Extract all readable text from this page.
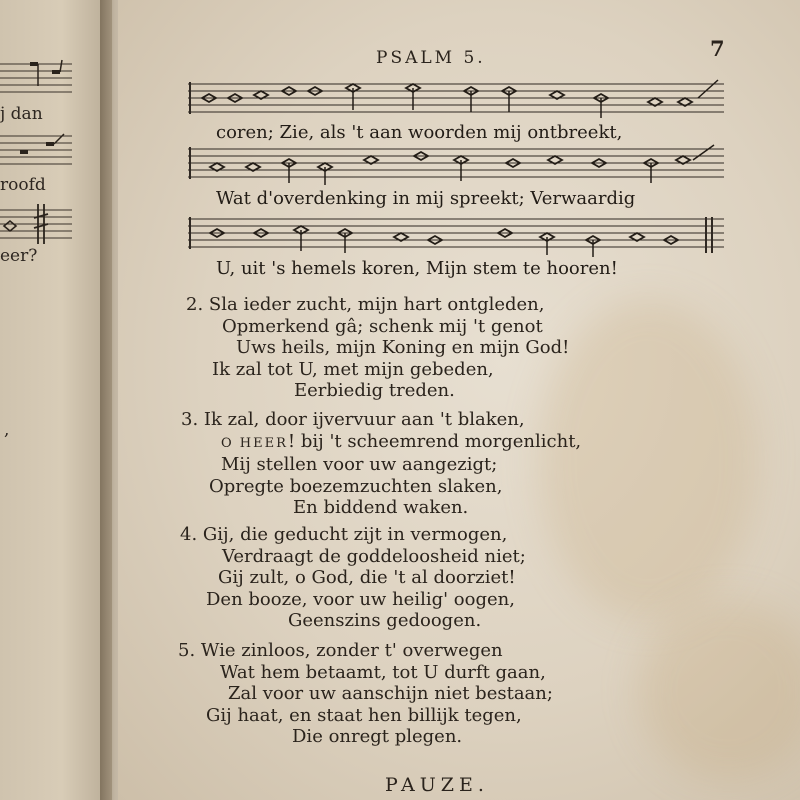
j dan
roofd
eer?
,
PSALM 5.	7
coren; Zie, als 't aan woorden mij ontbreekt,
Wat d'overdenking in mij spreekt; Verwaardig
U, uit 's hemels koren, Mijn stem te hooren!
2. Sla ieder zucht, mijn hart ontgleden,
Opmerkend gâ; schenk mij 't genot
Uws heils, mijn Koning en mijn God!
Ik zal tot U, met mijn gebeden,
Eerbiedig treden.
3. Ik zal, door ijvervuur aan 't blaken,
O HEER! bij 't scheemrend morgenlicht,
Mij stellen voor uw aangezigt;
Opregte boezemzuchten slaken,
En biddend waken.
4. Gij, die geducht zijt in vermogen,
Verdraagt de goddeloosheid niet;
Gij zult, o God, die 't al doorziet!
Den booze, voor uw heilig' oogen,
Geenszins gedoogen.
5. Wie zinloos, zonder t' overwegen
Wat hem betaamt, tot U durft gaan,
Zal voor uw aanschijn niet bestaan;
Gij haat, en staat hen billijk tegen,
Die onregt plegen.
PAUZE.
